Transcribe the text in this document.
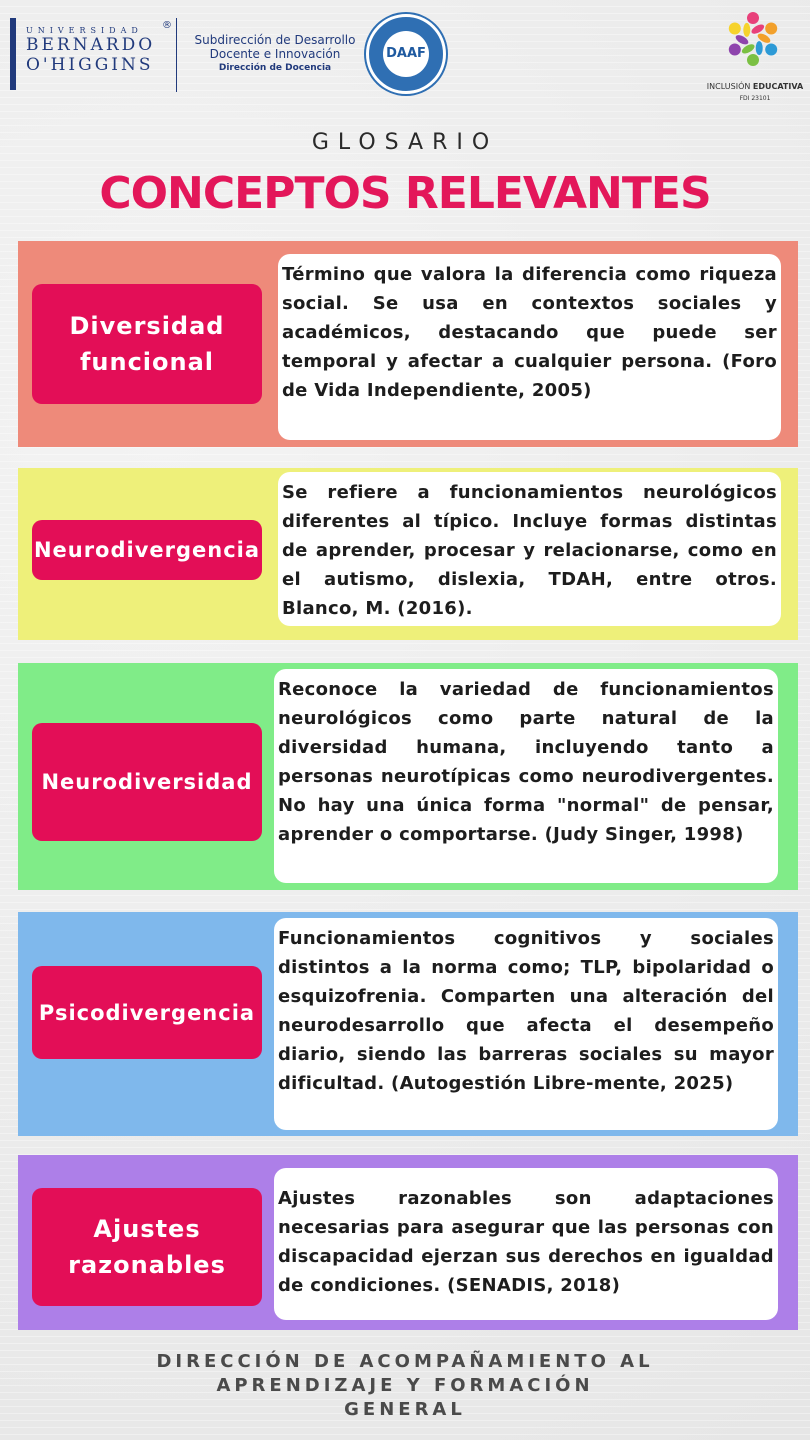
UNIVERSIDAD
BERNARDO
O'HIGGINS
®
Subdirección de Desarrollo
Docente e Innovación
Dirección de Docencia
DAAF
INCLUSIÓN EDUCATIVA
FDI 23101
GLOSARIO
CONCEPTOS RELEVANTES
Diversidad
funcional
Término que valora la diferencia como riqueza social. Se usa en contextos sociales y académicos, destacando que puede ser temporal y afectar a cualquier persona. (Foro de Vida Independiente, 2005)
Neurodivergencia
Se refiere a funcionamientos neurológicos diferentes al típico. Incluye formas distintas de aprender, procesar y relacionarse, como en el autismo, dislexia, TDAH, entre otros. Blanco, M. (2016).
Neurodiversidad
Reconoce la variedad de funcionamientos neurológicos como parte natural de la diversidad humana, incluyendo tanto a personas neurotípicas como neurodivergentes. No hay una única forma "normal" de pensar, aprender o comportarse. (Judy Singer, 1998)
Psicodivergencia
Funcionamientos cognitivos y sociales distintos a la norma como; TLP, bipolaridad o esquizofrenia. Comparten una alteración del neurodesarrollo que afecta el desempeño diario, siendo las barreras sociales su mayor dificultad. (Autogestión Libre-mente, 2025)
Ajustes
razonables
Ajustes razonables son adaptaciones necesarias para asegurar que las personas con discapacidad ejerzan sus derechos en igualdad de condiciones. (SENADIS, 2018)
DIRECCIÓN DE ACOMPAÑAMIENTO AL
APRENDIZAJE Y FORMACIÓN
GENERAL
